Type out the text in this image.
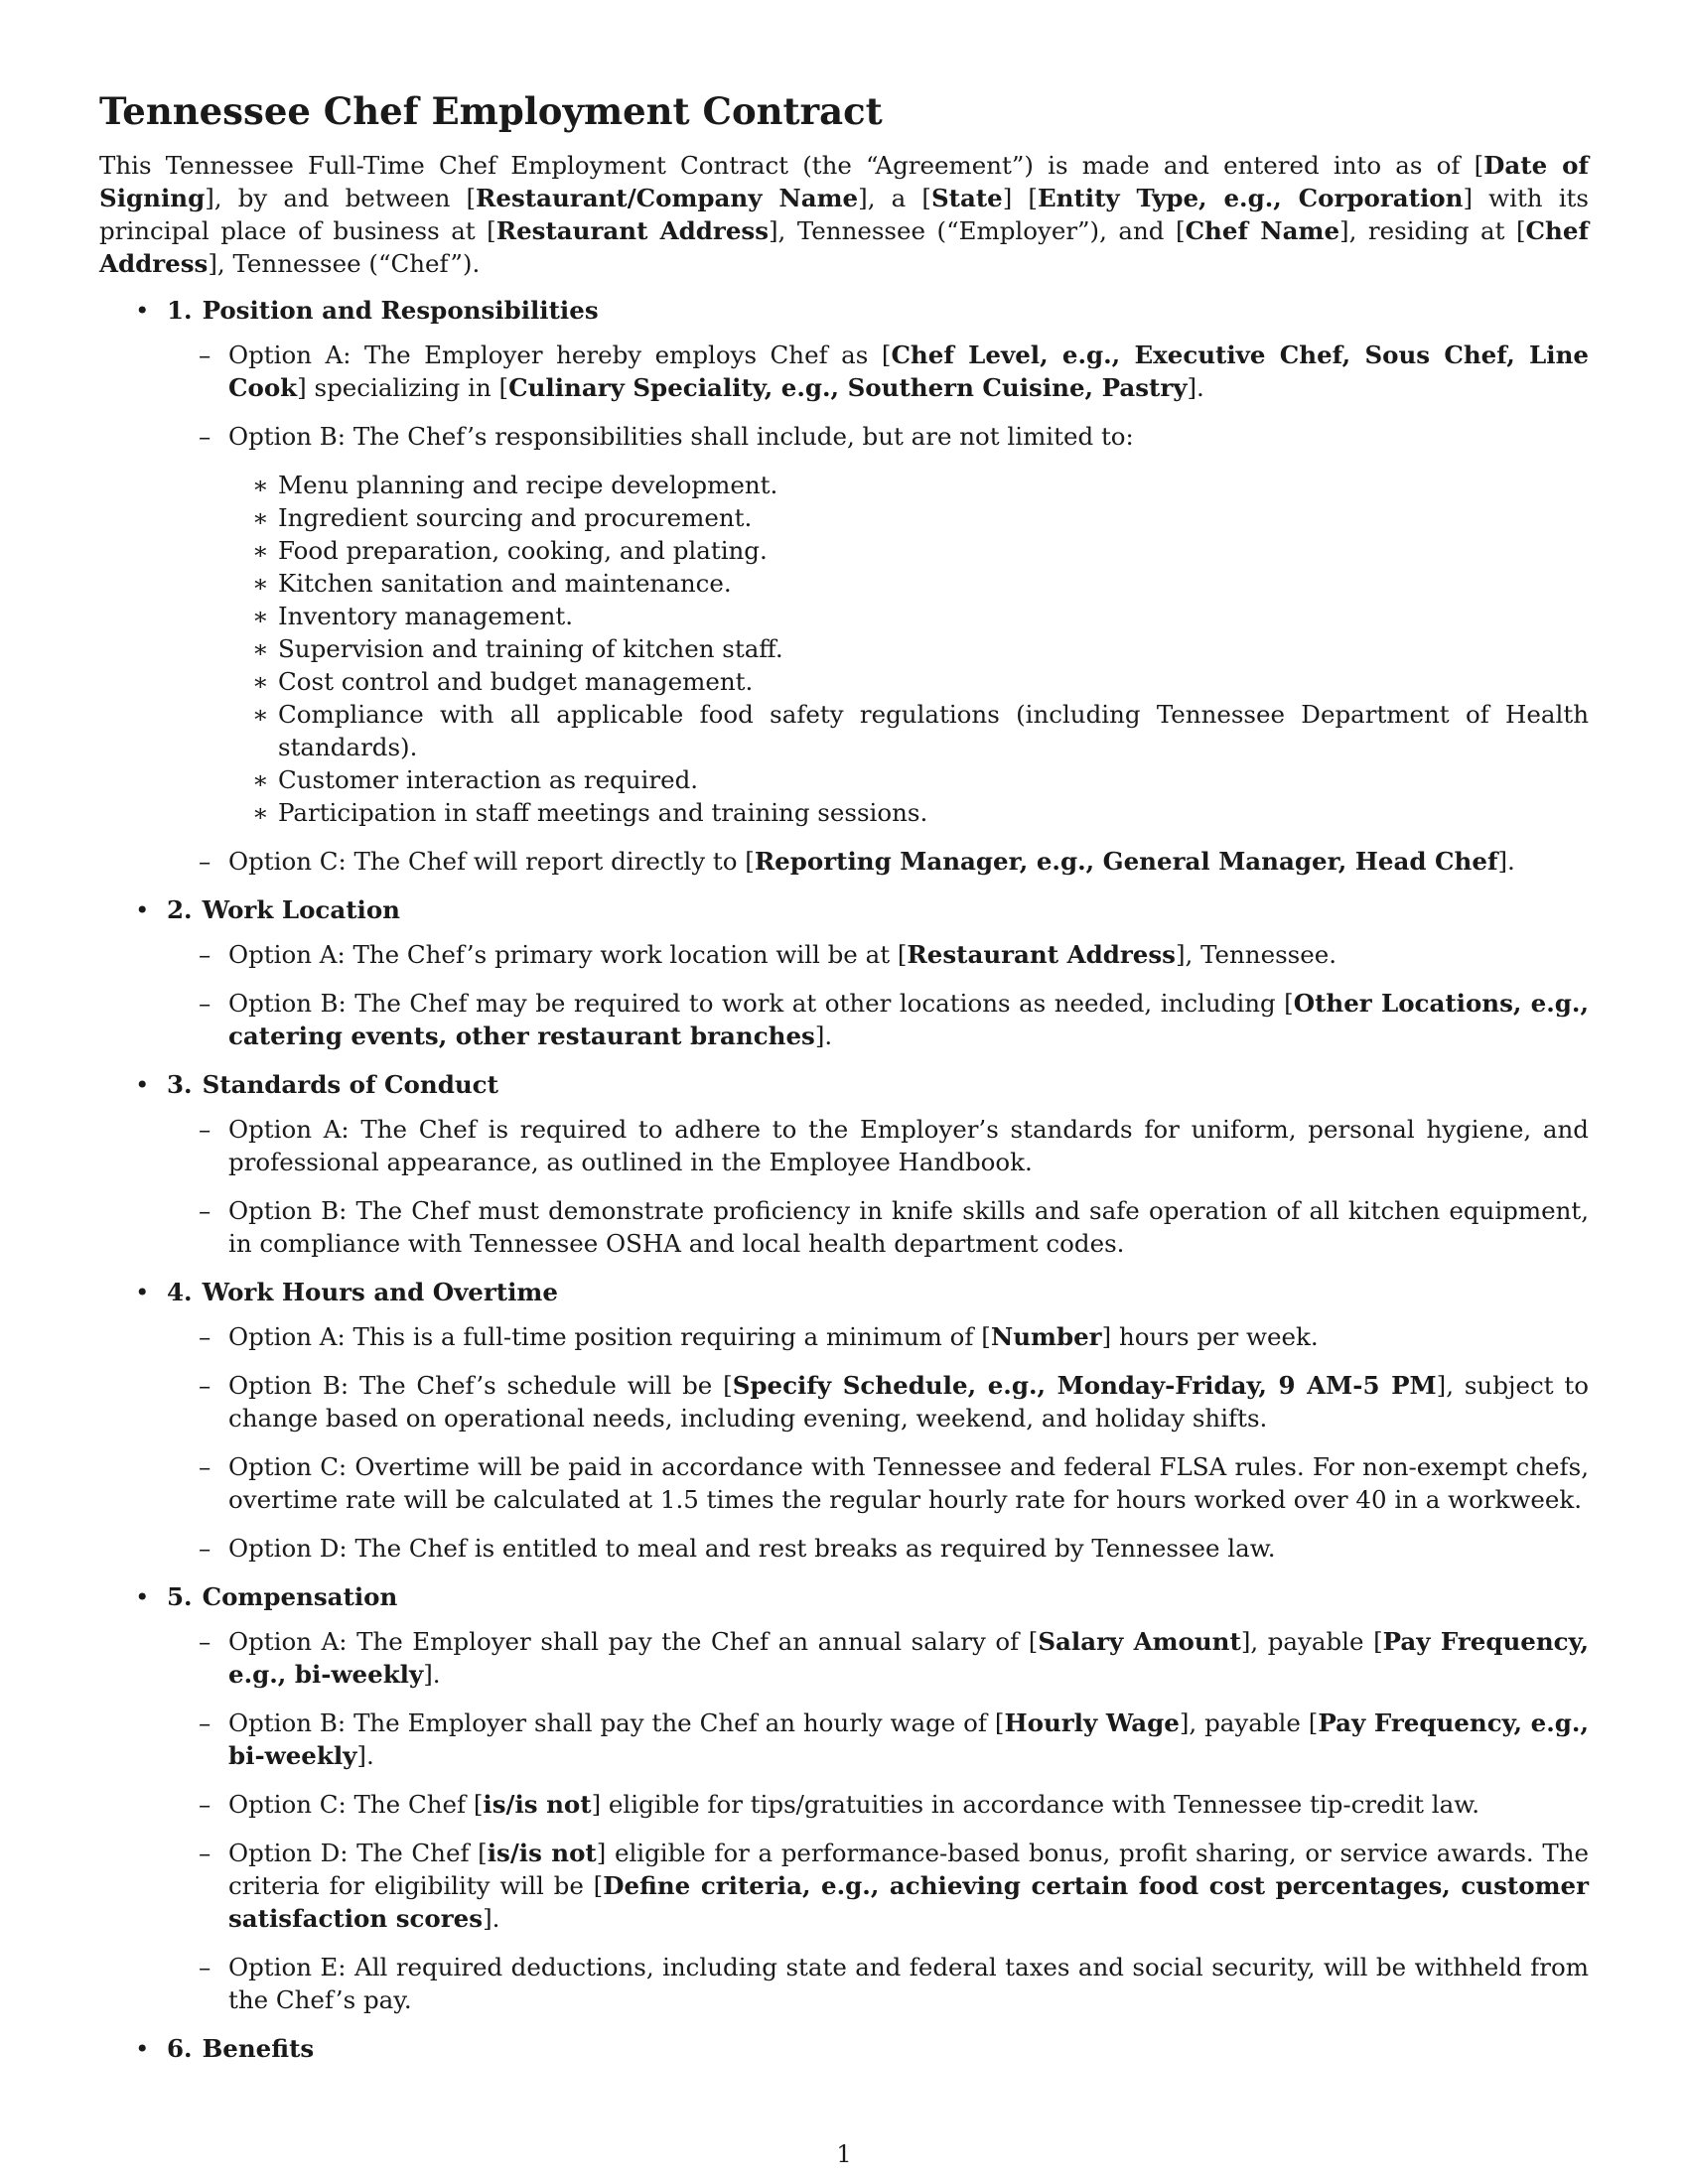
Tennessee Chef Employment Contract

This Tennessee Full-Time Chef Employment Contract (the “Agreement”) is made and entered into as of [Date of Signing], by and between [Restaurant/Company Name], a [State] [Entity Type, e.g., Corporation] with its principal place of business at [Restaurant Address], Tennessee (“Employer”), and [Chef Name], residing at [Chef Address], Tennessee (“Chef”).

• 1. Position and Responsibilities
– Option A: The Employer hereby employs Chef as [Chef Level, e.g., Executive Chef, Sous Chef, Line Cook] specializing in [Culinary Speciality, e.g., Southern Cuisine, Pastry].
– Option B: The Chef’s responsibilities shall include, but are not limited to:
∗ Menu planning and recipe development.
∗ Ingredient sourcing and procurement.
∗ Food preparation, cooking, and plating.
∗ Kitchen sanitation and maintenance.
∗ Inventory management.
∗ Supervision and training of kitchen staff.
∗ Cost control and budget management.
∗ Compliance with all applicable food safety regulations (including Tennessee Department of Health standards).
∗ Customer interaction as required.
∗ Participation in staff meetings and training sessions.
– Option C: The Chef will report directly to [Reporting Manager, e.g., General Manager, Head Chef].
• 2. Work Location
– Option A: The Chef’s primary work location will be at [Restaurant Address], Tennessee.
– Option B: The Chef may be required to work at other locations as needed, including [Other Locations, e.g., catering events, other restaurant branches].
• 3. Standards of Conduct
– Option A: The Chef is required to adhere to the Employer’s standards for uniform, personal hygiene, and professional appearance, as outlined in the Employee Handbook.
– Option B: The Chef must demonstrate proficiency in knife skills and safe operation of all kitchen equipment, in compliance with Tennessee OSHA and local health department codes.
• 4. Work Hours and Overtime
– Option A: This is a full-time position requiring a minimum of [Number] hours per week.
– Option B: The Chef’s schedule will be [Specify Schedule, e.g., Monday-Friday, 9 AM-5 PM], subject to change based on operational needs, including evening, weekend, and holiday shifts.
– Option C: Overtime will be paid in accordance with Tennessee and federal FLSA rules. For non-exempt chefs, overtime rate will be calculated at 1.5 times the regular hourly rate for hours worked over 40 in a workweek.
– Option D: The Chef is entitled to meal and rest breaks as required by Tennessee law.
• 5. Compensation
– Option A: The Employer shall pay the Chef an annual salary of [Salary Amount], payable [Pay Frequency, e.g., bi-weekly].
– Option B: The Employer shall pay the Chef an hourly wage of [Hourly Wage], payable [Pay Frequency, e.g., bi-weekly].
– Option C: The Chef [is/is not] eligible for tips/gratuities in accordance with Tennessee tip-credit law.
– Option D: The Chef [is/is not] eligible for a performance-based bonus, profit sharing, or service awards. The criteria for eligibility will be [Define criteria, e.g., achieving certain food cost percentages, customer satisfaction scores].
– Option E: All required deductions, including state and federal taxes and social security, will be withheld from the Chef’s pay.
• 6. Benefits
1
